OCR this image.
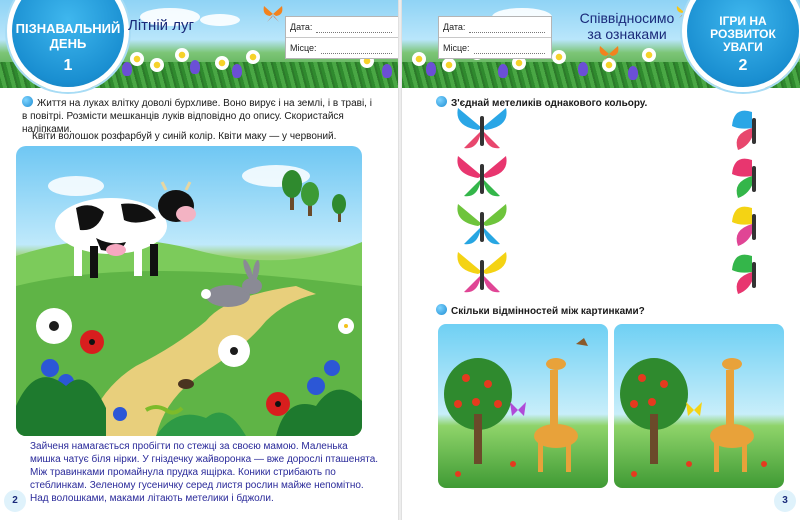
ПІЗНАВАЛЬНИЙ ДЕНЬ
1
Літній луг	Дата:
Місце:
Життя на луках влітку доволі бурхливе. Воно вирує і на землі, і в траві, і в повітрі. Розмісти мешканців луків відповідно до опису. Скористайся наліпками.
Квіти волошок розфарбуй у синій колір. Квіти маку — у червоний.
Зайченя намагається пробігти по стежці за своєю мамою. Маленька мишка чатує біля нірки. У гніздечку жайворонка — вже дорослі пташенята. Між травинками промайнула прудка ящірка. Коники стрибають по стеблинкам. Зеленому гусеничку серед листя рослин майже непомітно. Над волошками, маками літають метелики і бджоли.
2
Дата:
Місце:
Співвідносимо за ознаками
ІГРИ НА РОЗВИТОК УВАГИ
2
З'єднай метеликів однакового кольору.
Скільки відмінностей між картинками?
3
